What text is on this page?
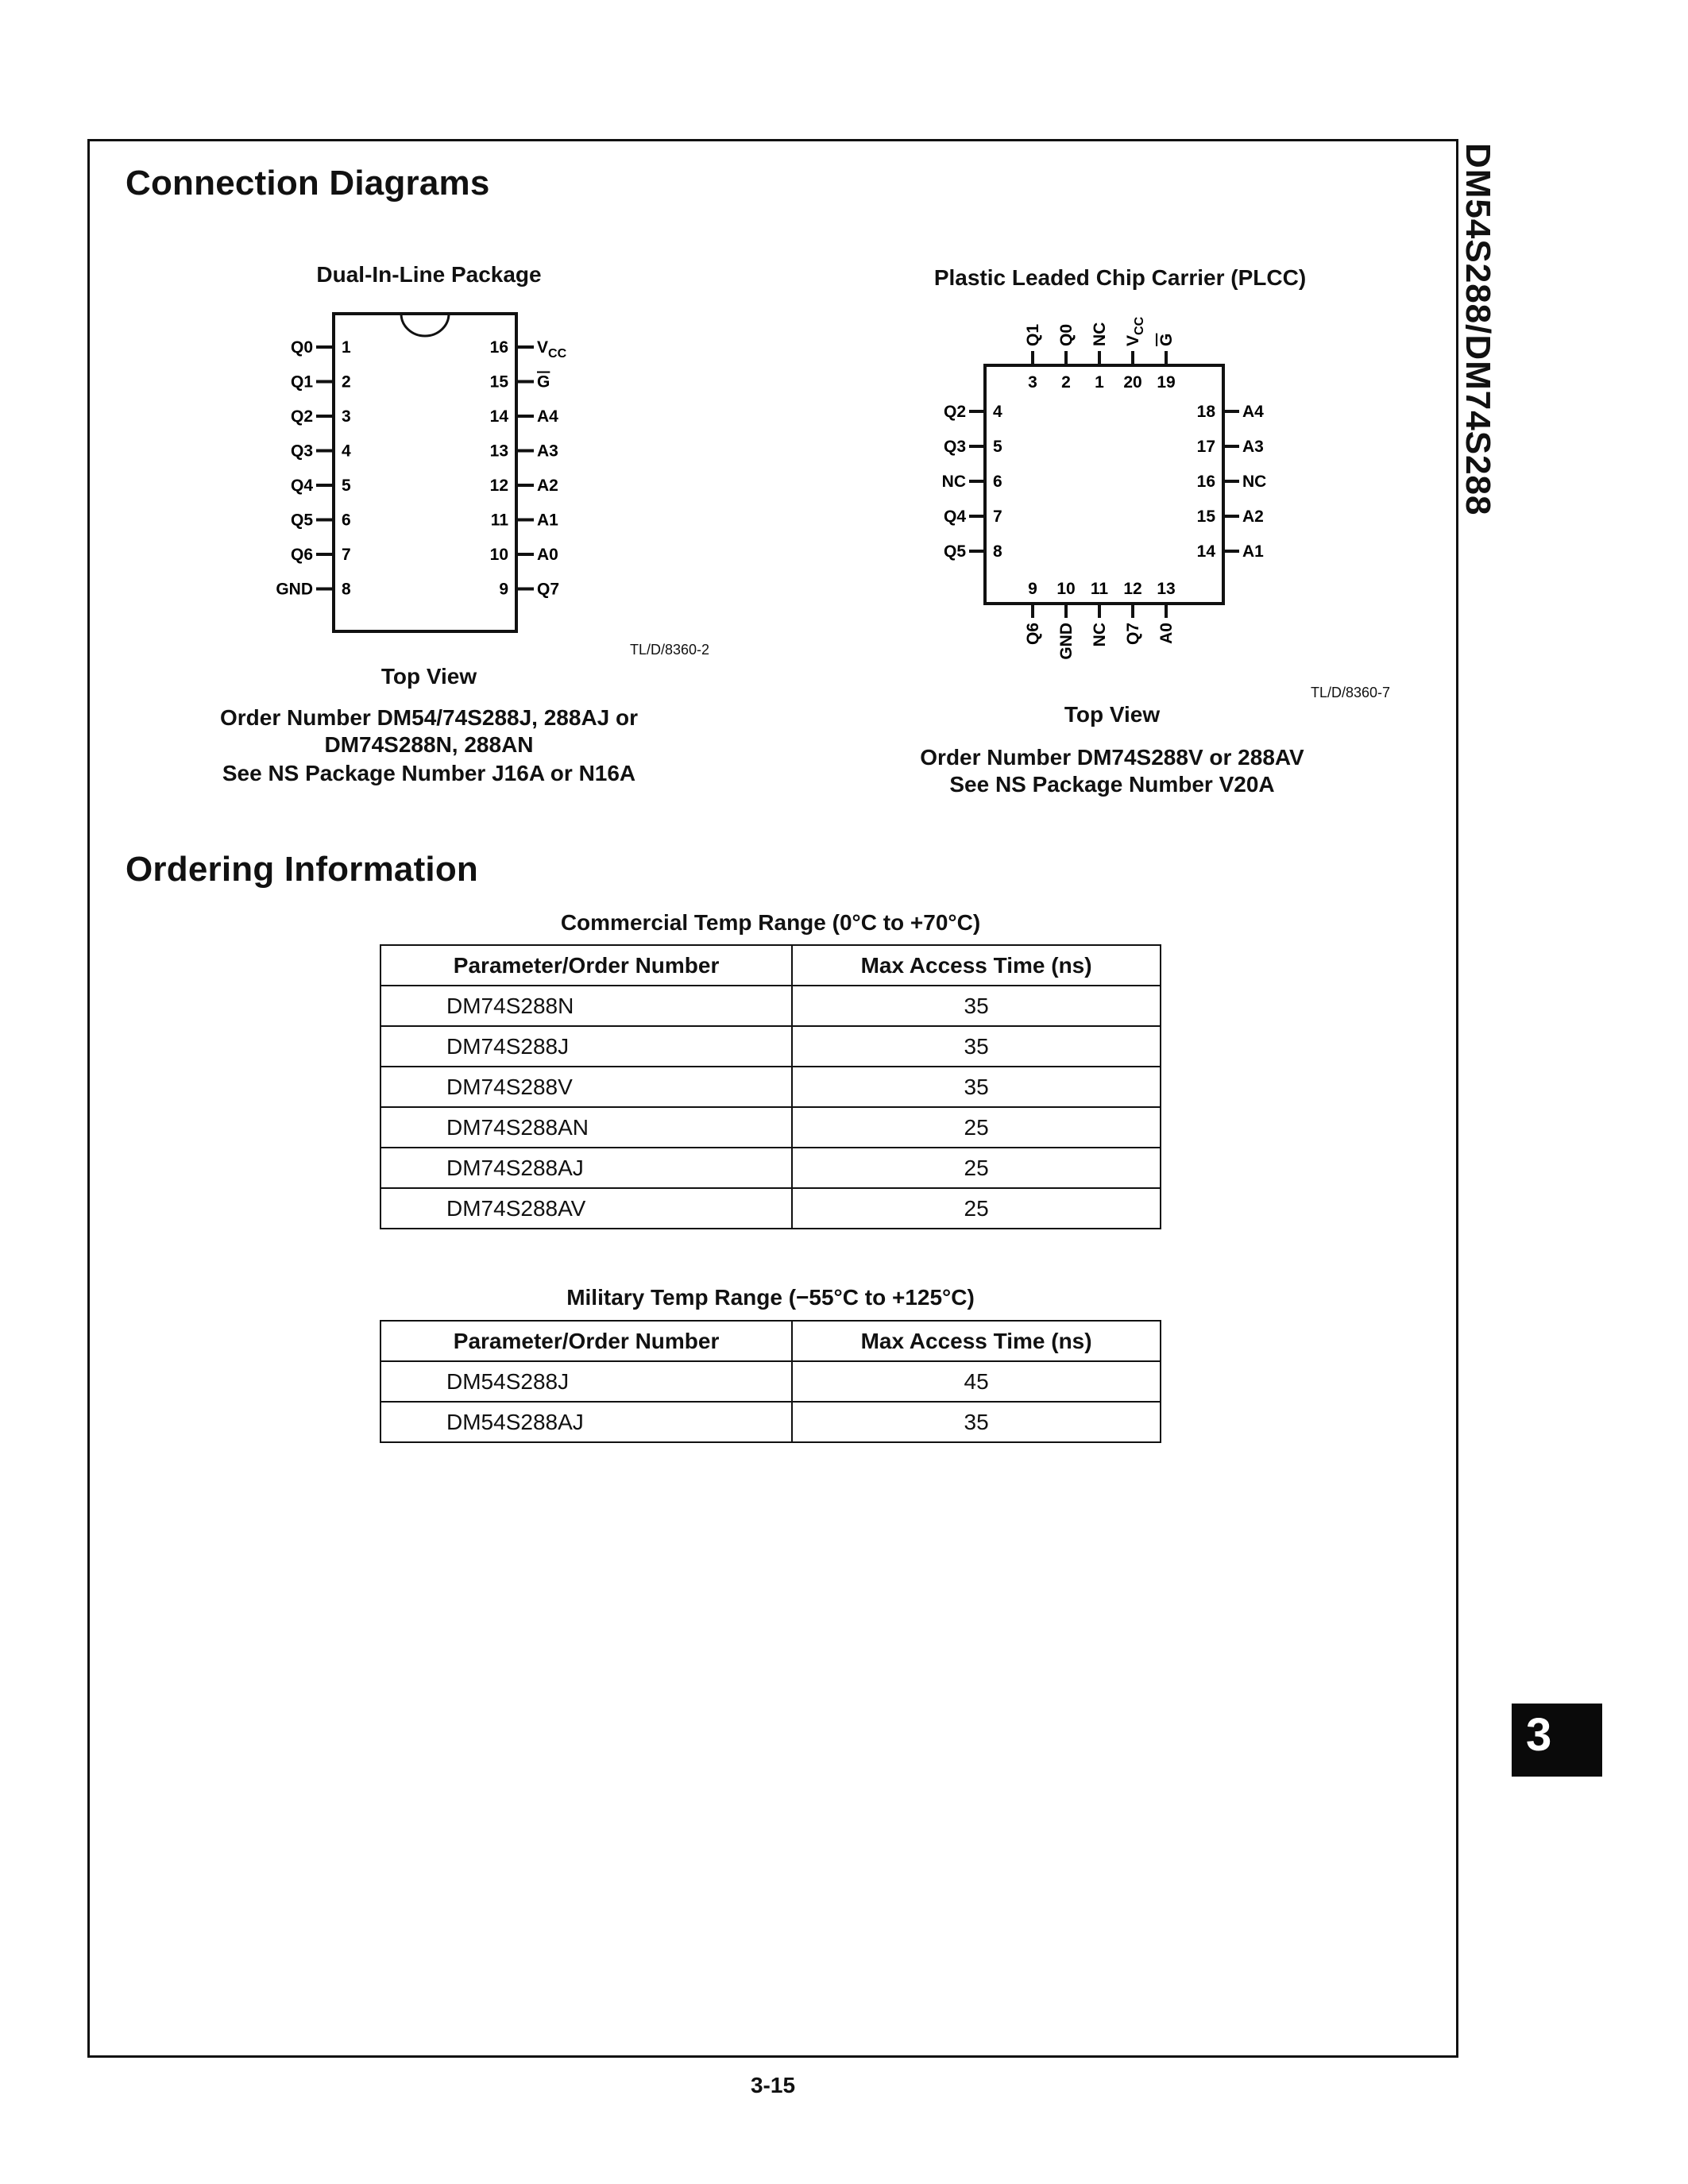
DM54S288/DM74S288
3
Connection Diagrams
Dual-In-Line Package
Q0 1
Q1 2
Q2 3
Q3 4
Q4 5
Q5 6
Q6 7
GND 8
$V_{CC}$
16
G
15
A4
14
A3
13
A2
12
A1
11
A0
10
Q7
9
TL/D/8360-2
Top View
Order Number DM54/74S288J, 288AJ or
DM74S288N, 288AN
See NS Package Number J16A or N16A
Plastic Leaded Chip Carrier (PLCC)
3
Q1
2
Q0
1
NC
20
$V_{CC}$
19
G
9
Q6
10
GND
11
NC
12
Q7
13
A0
Q2 4
Q3 5
NC 6
Q4 7
Q5 8
A4
18
A3
17
NC
16
A2
15
A1
14
TL/D/8360-7
Top View
Order Number DM74S288V or 288AV
See NS Package Number V20A
Ordering Information
Commercial Temp Range (0°C to +70°C)
Parameter/Order Number	Max Access Time (ns)
DM74S288N	35
DM74S288J	35
DM74S288V	35
DM74S288AN	25
DM74S288AJ	25
DM74S288AV	25
Military Temp Range (−55°C to +125°C)
Parameter/Order Number	Max Access Time (ns)
DM54S288J	45
DM54S288AJ	35
3-15
